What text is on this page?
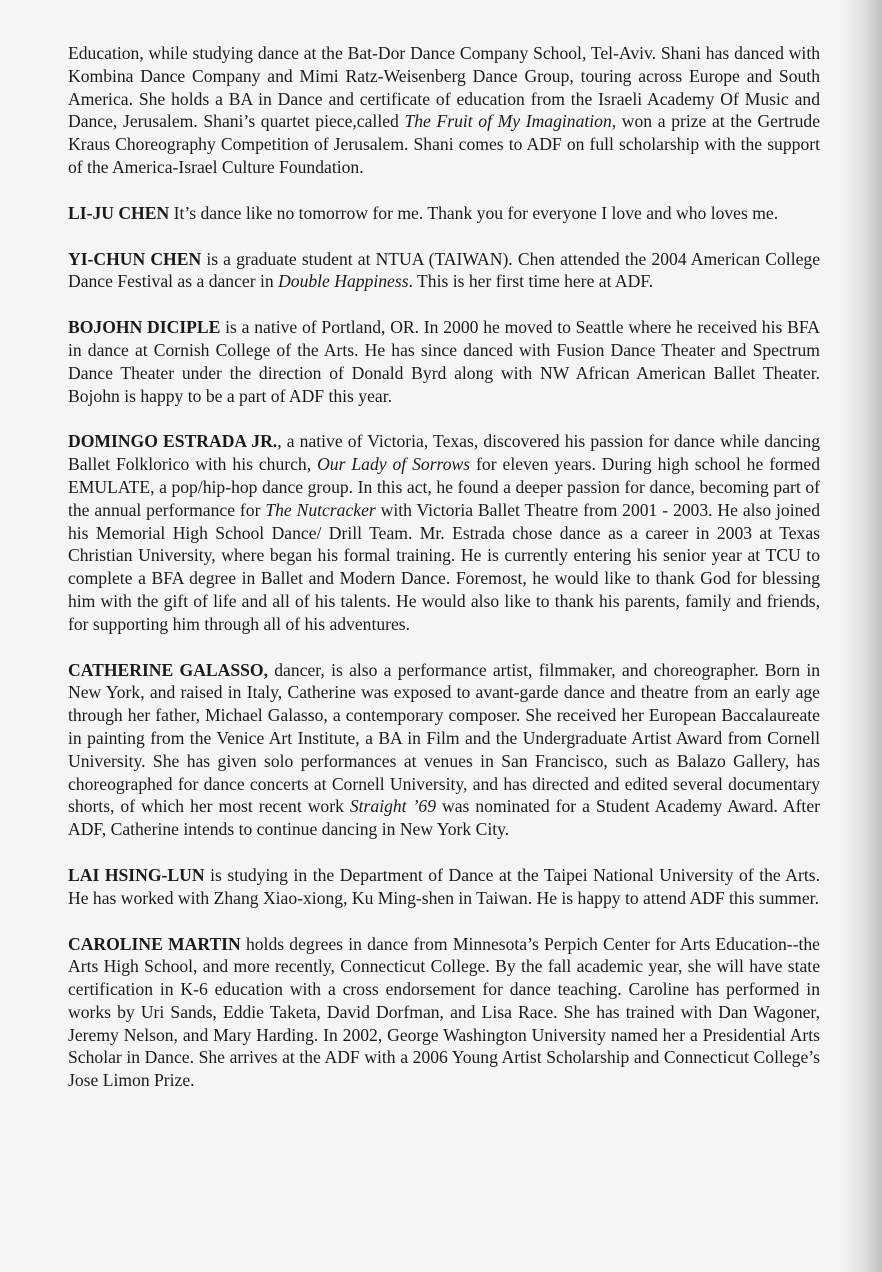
Education, while studying dance at the Bat-Dor Dance Company School, Tel-Aviv. Shani has danced with Kombina Dance Company and Mimi Ratz-Weisenberg Dance Group, touring across Europe and South America. She holds a BA in Dance and certificate of education from the Israeli Academy Of Music and Dance, Jerusalem. Shani’s quartet piece,called The Fruit of My Imagination, won a prize at the Gertrude Kraus Choreography Competition of Jerusalem. Shani comes to ADF on full scholarship with the support of the America-Israel Culture Foundation.

LI-JU CHEN It’s dance like no tomorrow for me. Thank you for everyone I love and who loves me.

YI-CHUN CHEN is a graduate student at NTUA (TAIWAN). Chen attended the 2004 American College Dance Festival as a dancer in Double Happiness. This is her first time here at ADF.

BOJOHN DICIPLE is a native of Portland, OR. In 2000 he moved to Seattle where he received his BFA in dance at Cornish College of the Arts. He has since danced with Fusion Dance Theater and Spectrum Dance Theater under the direction of Donald Byrd along with NW African American Ballet Theater. Bojohn is happy to be a part of ADF this year.

DOMINGO ESTRADA JR., a native of Victoria, Texas, discovered his passion for dance while dancing Ballet Folklorico with his church, Our Lady of Sorrows for eleven years. During high school he formed EMULATE, a pop/hip-hop dance group. In this act, he found a deeper passion for dance, becoming part of the annual performance for The Nutcracker with Victoria Ballet Theatre from 2001 - 2003. He also joined his Memorial High School Dance/ Drill Team. Mr. Estrada chose dance as a career in 2003 at Texas Christian University, where began his formal training. He is currently entering his senior year at TCU to complete a BFA degree in Ballet and Modern Dance. Foremost, he would like to thank God for blessing him with the gift of life and all of his talents. He would also like to thank his parents, family and friends, for supporting him through all of his adventures.

CATHERINE GALASSO, dancer, is also a performance artist, filmmaker, and choreographer. Born in New York, and raised in Italy, Catherine was exposed to avant-garde dance and theatre from an early age through her father, Michael Galasso, a contemporary composer. She received her European Baccalaureate in painting from the Venice Art Institute, a BA in Film and the Undergraduate Artist Award from Cornell University. She has given solo performances at venues in San Francisco, such as Balazo Gallery, has choreographed for dance concerts at Cornell University, and has directed and edited several documentary shorts, of which her most recent work Straight ’69 was nominated for a Student Academy Award. After ADF, Catherine intends to continue dancing in New York City.

LAI HSING-LUN is studying in the Department of Dance at the Taipei National University of the Arts. He has worked with Zhang Xiao-xiong, Ku Ming-shen in Taiwan. He is happy to attend ADF this summer.

CAROLINE MARTIN holds degrees in dance from Minnesota’s Perpich Center for Arts Education--the Arts High School, and more recently, Connecticut College. By the fall academic year, she will have state certification in K-6 education with a cross endorsement for dance teaching. Caroline has performed in works by Uri Sands, Eddie Taketa, David Dorfman, and Lisa Race. She has trained with Dan Wagoner, Jeremy Nelson, and Mary Harding. In 2002, George Washington University named her a Presidential Arts Scholar in Dance. She arrives at the ADF with a 2006 Young Artist Scholarship and Connecticut College’s Jose Limon Prize.
